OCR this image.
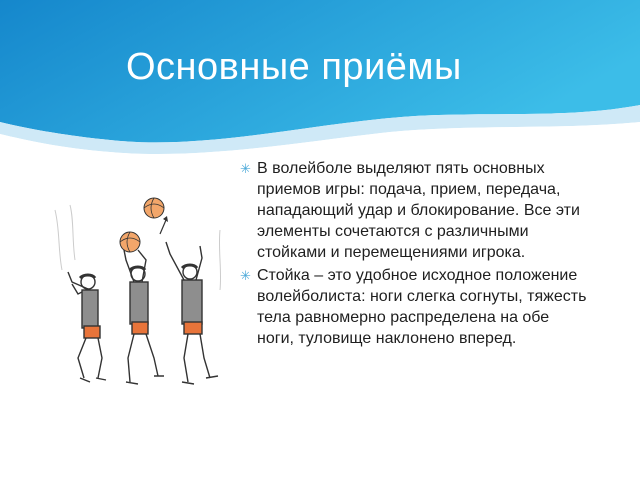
Основные приёмы
✳ В волейболе выделяют пять основных приемов игры: подача, прием, передача, нападающий удар и блокирование. Все эти элементы сочетаются с различными стойками и перемещениями игрока.
✳ Стойка – это удобное исходное положение волейболиста: ноги слегка согнуты, тяжесть тела равномерно распределена на обе ноги, туловище наклонено вперед.
